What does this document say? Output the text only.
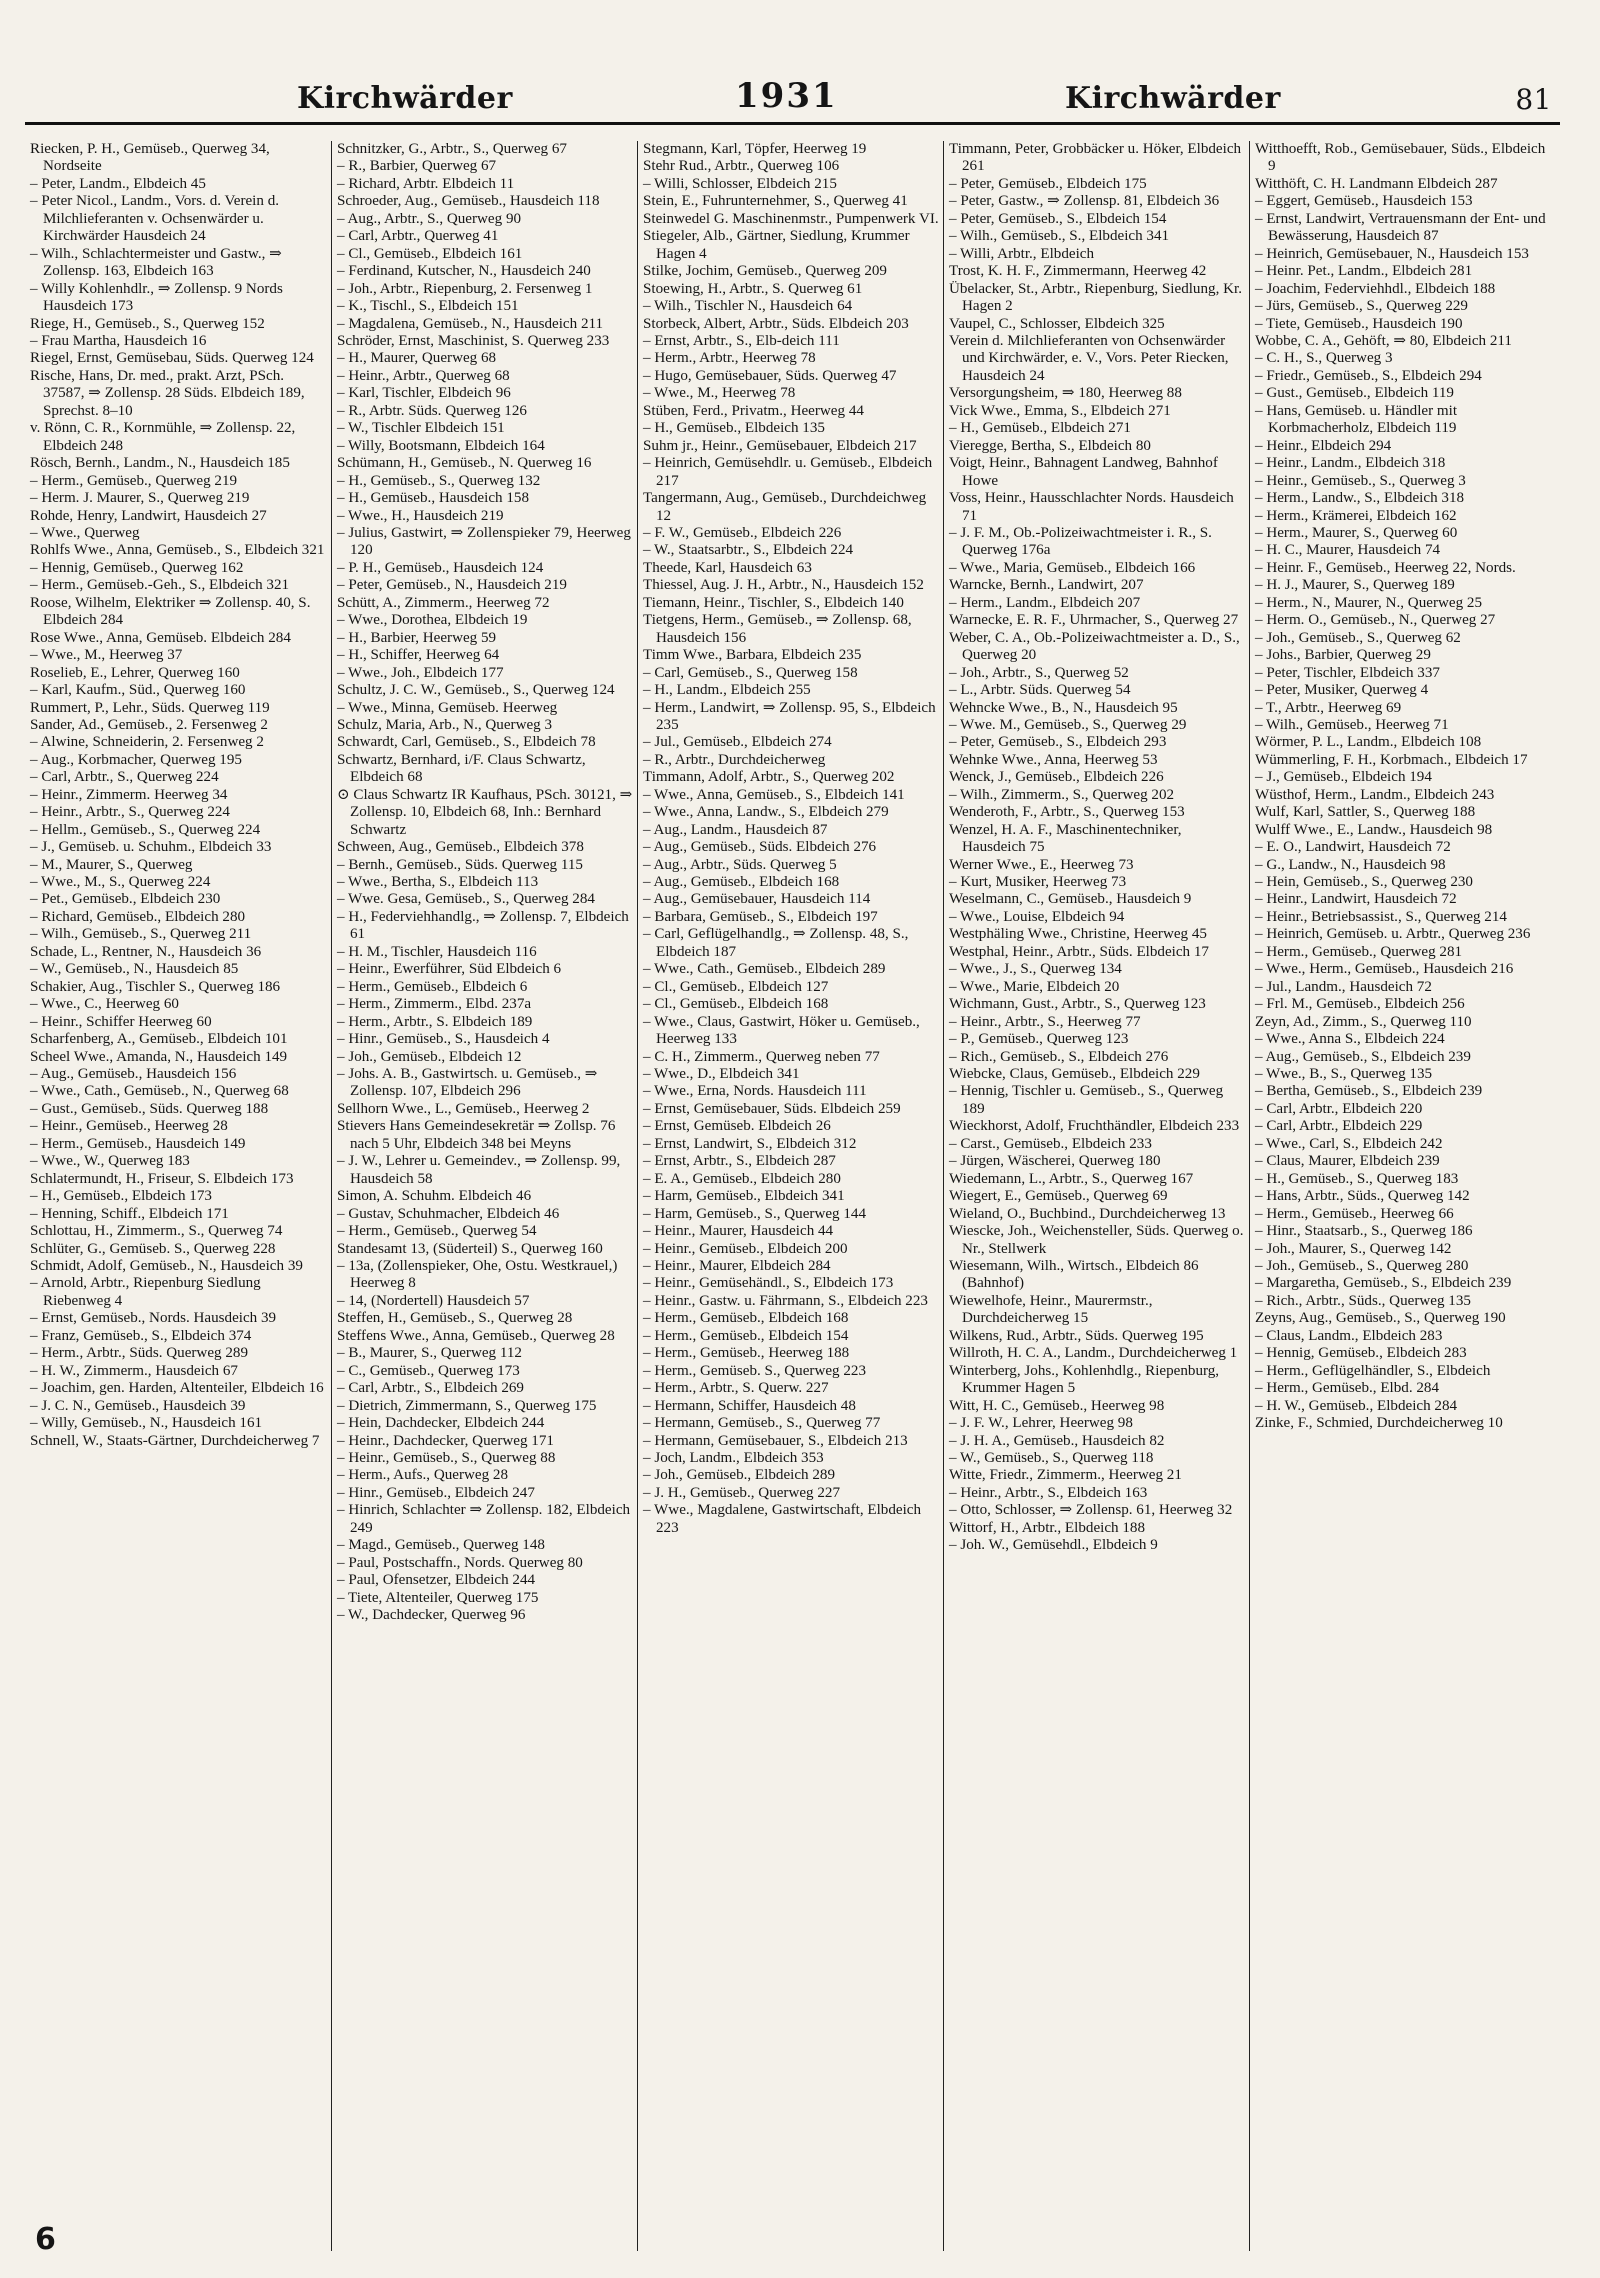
Kirchwärder	1931	Kirchwärder	81
Riecken, P. H., Gemüseb., Querweg 34, Nordseite
– Peter, Landm., Elbdeich 45
– Peter Nicol., Landm., Vors. d. Verein d. Milchlieferanten v. Ochsenwärder u. Kirchwärder Hausdeich 24
– Wilh., Schlachtermeister und Gastw., ⇒ Zollensp. 163, Elbdeich 163
– Willy Kohlenhdlr., ⇒ Zollensp. 9 Nords Hausdeich 173
Riege, H., Gemüseb., S., Querweg 152
– Frau Martha, Hausdeich 16
Riegel, Ernst, Gemüsebau, Süds. Querweg 124
Rische, Hans, Dr. med., prakt. Arzt, PSch. 37587, ⇒ Zollensp. 28 Süds. Elbdeich 189, Sprechst. 8–10
v. Rönn, C. R., Kornmühle, ⇒ Zollensp. 22, Elbdeich 248
Rösch, Bernh., Landm., N., Hausdeich 185
– Herm., Gemüseb., Querweg 219
– Herm. J. Maurer, S., Querweg 219
Rohde, Henry, Landwirt, Hausdeich 27
– Wwe., Querweg
Rohlfs Wwe., Anna, Gemüseb., S., Elbdeich 321
– Hennig, Gemüseb., Querweg 162
– Herm., Gemüseb.-Geh., S., Elbdeich 321
Roose, Wilhelm, Elektriker ⇒ Zollensp. 40, S. Elbdeich 284
Rose Wwe., Anna, Gemüseb. Elbdeich 284
– Wwe., M., Heerweg 37
Roselieb, E., Lehrer, Querweg 160
– Karl, Kaufm., Süd., Querweg 160
Rummert, P., Lehr., Süds. Querweg 119
Sander, Ad., Gemüseb., 2. Fersenweg 2
– Alwine, Schneiderin, 2. Fersenweg 2
– Aug., Korbmacher, Querweg 195
– Carl, Arbtr., S., Querweg 224
– Heinr., Zimmerm. Heerweg 34
– Heinr., Arbtr., S., Querweg 224
– Hellm., Gemüseb., S., Querweg 224
– J., Gemüseb. u. Schuhm., Elbdeich 33
– M., Maurer, S., Querweg
– Wwe., M., S., Querweg 224
– Pet., Gemüseb., Elbdeich 230
– Richard, Gemüseb., Elbdeich 280
– Wilh., Gemüseb., S., Querweg 211
Schade, L., Rentner, N., Hausdeich 36
– W., Gemüseb., N., Hausdeich 85
Schakier, Aug., Tischler S., Querweg 186
– Wwe., C., Heerweg 60
– Heinr., Schiffer Heerweg 60
Scharfenberg, A., Gemüseb., Elbdeich 101
Scheel Wwe., Amanda, N., Hausdeich 149
– Aug., Gemüseb., Hausdeich 156
– Wwe., Cath., Gemüseb., N., Querweg 68
– Gust., Gemüseb., Süds. Querweg 188
– Heinr., Gemüseb., Heerweg 28
– Herm., Gemüseb., Hausdeich 149
– Wwe., W., Querweg 183
Schlatermundt, H., Friseur, S. Elbdeich 173
– H., Gemüseb., Elbdeich 173
– Henning, Schiff., Elbdeich 171
Schlottau, H., Zimmerm., S., Querweg 74
Schlüter, G., Gemüseb. S., Querweg 228
Schmidt, Adolf, Gemüseb., N., Hausdeich 39
– Arnold, Arbtr., Riepenburg Siedlung Riebenweg 4
– Ernst, Gemüseb., Nords. Hausdeich 39
– Franz, Gemüseb., S., Elbdeich 374
– Herm., Arbtr., Süds. Querweg 289
– H. W., Zimmerm., Hausdeich 67
– Joachim, gen. Harden, Altenteiler, Elbdeich 16
– J. C. N., Gemüseb., Hausdeich 39
– Willy, Gemüseb., N., Hausdeich 161
Schnell, W., Staats-Gärtner, Durchdeicherweg 7
Schnitzker, G., Arbtr., S., Querweg 67
– R., Barbier, Querweg 67
– Richard, Arbtr. Elbdeich 11
Schroeder, Aug., Gemüseb., Hausdeich 118
– Aug., Arbtr., S., Querweg 90
– Carl, Arbtr., Querweg 41
– Cl., Gemüseb., Elbdeich 161
– Ferdinand, Kutscher, N., Hausdeich 240
– Joh., Arbtr., Riepenburg, 2. Fersenweg 1
– K., Tischl., S., Elbdeich 151
– Magdalena, Gemüseb., N., Hausdeich 211
Schröder, Ernst, Maschinist, S. Querweg 233
– H., Maurer, Querweg 68
– Heinr., Arbtr., Querweg 68
– Karl, Tischler, Elbdeich 96
– R., Arbtr. Süds. Querweg 126
– W., Tischler Elbdeich 151
– Willy, Bootsmann, Elbdeich 164
Schümann, H., Gemüseb., N. Querweg 16
– H., Gemüseb., S., Querweg 132
– H., Gemüseb., Hausdeich 158
– Wwe., H., Hausdeich 219
– Julius, Gastwirt, ⇒ Zollenspieker 79, Heerweg 120
– P. H., Gemüseb., Hausdeich 124
– Peter, Gemüseb., N., Hausdeich 219
Schütt, A., Zimmerm., Heerweg 72
– Wwe., Dorothea, Elbdeich 19
– H., Barbier, Heerweg 59
– H., Schiffer, Heerweg 64
– Wwe., Joh., Elbdeich 177
Schultz, J. C. W., Gemüseb., S., Querweg 124
– Wwe., Minna, Gemüseb. Heerweg
Schulz, Maria, Arb., N., Querweg 3
Schwardt, Carl, Gemüseb., S., Elbdeich 78
Schwartz, Bernhard, i/F. Claus Schwartz, Elbdeich 68
⊙ Claus Schwartz IR Kaufhaus, PSch. 30121, ⇒ Zollensp. 10, Elbdeich 68, Inh.: Bernhard Schwartz
Schween, Aug., Gemüseb., Elbdeich 378
– Bernh., Gemüseb., Süds. Querweg 115
– Wwe., Bertha, S., Elbdeich 113
– Wwe. Gesa, Gemüseb., S., Querweg 284
– H., Federviehhandlg., ⇒ Zollensp. 7, Elbdeich 61
– H. M., Tischler, Hausdeich 116
– Heinr., Ewerführer, Süd Elbdeich 6
– Herm., Gemüseb., Elbdeich 6
– Herm., Zimmerm., Elbd. 237a
– Herm., Arbtr., S. Elbdeich 189
– Hinr., Gemüseb., S., Hausdeich 4
– Joh., Gemüseb., Elbdeich 12
– Johs. A. B., Gastwirtsch. u. Gemüseb., ⇒ Zollensp. 107, Elbdeich 296
Sellhorn Wwe., L., Gemüseb., Heerweg 2
Stievers Hans Gemeindesekretär ⇒ Zollsp. 76 nach 5 Uhr, Elbdeich 348 bei Meyns
– J. W., Lehrer u. Gemeindev., ⇒ Zollensp. 99, Hausdeich 58
Simon, A. Schuhm. Elbdeich 46
– Gustav, Schuhmacher, Elbdeich 46
– Herm., Gemüseb., Querweg 54
Standesamt 13, (Süderteil) S., Querweg 160
– 13a, (Zollenspieker, Ohe, Ostu. Westkrauel,) Heerweg 8
– 14, (Nordertell) Hausdeich 57
Steffen, H., Gemüseb., S., Querweg 28
Steffens Wwe., Anna, Gemüseb., Querweg 28
– B., Maurer, S., Querweg 112
– C., Gemüseb., Querweg 173
– Carl, Arbtr., S., Elbdeich 269
– Dietrich, Zimmermann, S., Querweg 175
– Hein, Dachdecker, Elbdeich 244
– Heinr., Dachdecker, Querweg 171
– Heinr., Gemüseb., S., Querweg 88
– Herm., Aufs., Querweg 28
– Hinr., Gemüseb., Elbdeich 247
– Hinrich, Schlachter ⇒ Zollensp. 182, Elbdeich 249
– Magd., Gemüseb., Querweg 148
– Paul, Postschaffn., Nords. Querweg 80
– Paul, Ofensetzer, Elbdeich 244
– Tiete, Altenteiler, Querweg 175
– W., Dachdecker, Querweg 96
Stegmann, Karl, Töpfer, Heerweg 19
Stehr Rud., Arbtr., Querweg 106
– Willi, Schlosser, Elbdeich 215
Stein, E., Fuhrunternehmer, S., Querweg 41
Steinwedel G. Maschinenmstr., Pumpenwerk VI.
Stiegeler, Alb., Gärtner, Siedlung, Krummer Hagen 4
Stilke, Jochim, Gemüseb., Querweg 209
Stoewing, H., Arbtr., S. Querweg 61
– Wilh., Tischler N., Hausdeich 64
Storbeck, Albert, Arbtr., Süds. Elbdeich 203
– Ernst, Arbtr., S., Elb-deich 111
– Herm., Arbtr., Heerweg 78
– Hugo, Gemüsebauer, Süds. Querweg 47
– Wwe., M., Heerweg 78
Stüben, Ferd., Privatm., Heerweg 44
– H., Gemüseb., Elbdeich 135
Suhm jr., Heinr., Gemüsebauer, Elbdeich 217
– Heinrich, Gemüsehdlr. u. Gemüseb., Elbdeich 217
Tangermann, Aug., Gemüseb., Durchdeichweg 12
– F. W., Gemüseb., Elbdeich 226
– W., Staatsarbtr., S., Elbdeich 224
Theede, Karl, Hausdeich 63
Thiessel, Aug. J. H., Arbtr., N., Hausdeich 152
Tiemann, Heinr., Tischler, S., Elbdeich 140
Tietgens, Herm., Gemüseb., ⇒ Zollensp. 68, Hausdeich 156
Timm Wwe., Barbara, Elbdeich 235
– Carl, Gemüseb., S., Querweg 158
– H., Landm., Elbdeich 255
– Herm., Landwirt, ⇒ Zollensp. 95, S., Elbdeich 235
– Jul., Gemüseb., Elbdeich 274
– R., Arbtr., Durchdeicherweg
Timmann, Adolf, Arbtr., S., Querweg 202
– Wwe., Anna, Gemüseb., S., Elbdeich 141
– Wwe., Anna, Landw., S., Elbdeich 279
– Aug., Landm., Hausdeich 87
– Aug., Gemüseb., Süds. Elbdeich 276
– Aug., Arbtr., Süds. Querweg 5
– Aug., Gemüseb., Elbdeich 168
– Aug., Gemüsebauer, Hausdeich 114
– Barbara, Gemüseb., S., Elbdeich 197
– Carl, Geflügelhandlg., ⇒ Zollensp. 48, S., Elbdeich 187
– Wwe., Cath., Gemüseb., Elbdeich 289
– Cl., Gemüseb., Elbdeich 127
– Cl., Gemüseb., Elbdeich 168
– Wwe., Claus, Gastwirt, Höker u. Gemüseb., Heerweg 133
– C. H., Zimmerm., Querweg neben 77
– Wwe., D., Elbdeich 341
– Wwe., Erna, Nords. Hausdeich 111
– Ernst, Gemüsebauer, Süds. Elbdeich 259
– Ernst, Gemüseb. Elbdeich 26
– Ernst, Landwirt, S., Elbdeich 312
– Ernst, Arbtr., S., Elbdeich 287
– E. A., Gemüseb., Elbdeich 280
– Harm, Gemüseb., Elbdeich 341
– Harm, Gemüseb., S., Querweg 144
– Heinr., Maurer, Hausdeich 44
– Heinr., Gemüseb., Elbdeich 200
– Heinr., Maurer, Elbdeich 284
– Heinr., Gemüsehändl., S., Elbdeich 173
– Heinr., Gastw. u. Fährmann, S., Elbdeich 223
– Herm., Gemüseb., Elbdeich 168
– Herm., Gemüseb., Elbdeich 154
– Herm., Gemüseb., Heerweg 188
– Herm., Gemüseb. S., Querweg 223
– Herm., Arbtr., S. Querw. 227
– Hermann, Schiffer, Hausdeich 48
– Hermann, Gemüseb., S., Querweg 77
– Hermann, Gemüsebauer, S., Elbdeich 213
– Joch, Landm., Elbdeich 353
– Joh., Gemüseb., Elbdeich 289
– J. H., Gemüseb., Querweg 227
– Wwe., Magdalene, Gastwirtschaft, Elbdeich 223
Timmann, Peter, Grobbäcker u. Höker, Elbdeich 261
– Peter, Gemüseb., Elbdeich 175
– Peter, Gastw., ⇒ Zollensp. 81, Elbdeich 36
– Peter, Gemüseb., S., Elbdeich 154
– Wilh., Gemüseb., S., Elbdeich 341
– Willi, Arbtr., Elbdeich
Trost, K. H. F., Zimmermann, Heerweg 42
Übelacker, St., Arbtr., Riepenburg, Siedlung, Kr. Hagen 2
Vaupel, C., Schlosser, Elbdeich 325
Verein d. Milchlieferanten von Ochsenwärder und Kirchwärder, e. V., Vors. Peter Riecken, Hausdeich 24
Versorgungsheim, ⇒ 180, Heerweg 88
Vick Wwe., Emma, S., Elbdeich 271
– H., Gemüseb., Elbdeich 271
Vieregge, Bertha, S., Elbdeich 80
Voigt, Heinr., Bahnagent Landweg, Bahnhof Howe
Voss, Heinr., Hausschlachter Nords. Hausdeich 71
– J. F. M., Ob.-Polizeiwachtmeister i. R., S. Querweg 176a
– Wwe., Maria, Gemüseb., Elbdeich 166
Warncke, Bernh., Landwirt, 207
– Herm., Landm., Elbdeich 207
Warnecke, E. R. F., Uhrmacher, S., Querweg 27
Weber, C. A., Ob.-Polizeiwachtmeister a. D., S., Querweg 20
– Joh., Arbtr., S., Querweg 52
– L., Arbtr. Süds. Querweg 54
Wehncke Wwe., B., N., Hausdeich 95
– Wwe. M., Gemüseb., S., Querweg 29
– Peter, Gemüseb., S., Elbdeich 293
Wehnke Wwe., Anna, Heerweg 53
Wenck, J., Gemüseb., Elbdeich 226
– Wilh., Zimmerm., S., Querweg 202
Wenderoth, F., Arbtr., S., Querweg 153
Wenzel, H. A. F., Maschinentechniker, Hausdeich 75
Werner Wwe., E., Heerweg 73
– Kurt, Musiker, Heerweg 73
Weselmann, C., Gemüseb., Hausdeich 9
– Wwe., Louise, Elbdeich 94
Westphäling Wwe., Christine, Heerweg 45
Westphal, Heinr., Arbtr., Süds. Elbdeich 17
– Wwe., J., S., Querweg 134
– Wwe., Marie, Elbdeich 20
Wichmann, Gust., Arbtr., S., Querweg 123
– Heinr., Arbtr., S., Heerweg 77
– P., Gemüseb., Querweg 123
– Rich., Gemüseb., S., Elbdeich 276
Wiebcke, Claus, Gemüseb., Elbdeich 229
– Hennig, Tischler u. Gemüseb., S., Querweg 189
Wieckhorst, Adolf, Fruchthändler, Elbdeich 233
– Carst., Gemüseb., Elbdeich 233
– Jürgen, Wäscherei, Querweg 180
Wiedemann, L., Arbtr., S., Querweg 167
Wiegert, E., Gemüseb., Querweg 69
Wieland, O., Buchbind., Durchdeicherweg 13
Wiescke, Joh., Weichensteller, Süds. Querweg o. Nr., Stellwerk
Wiesemann, Wilh., Wirtsch., Elbdeich 86 (Bahnhof)
Wiewelhofe, Heinr., Maurermstr., Durchdeicherweg 15
Wilkens, Rud., Arbtr., Süds. Querweg 195
Willroth, H. C. A., Landm., Durchdeicherweg 1
Winterberg, Johs., Kohlenhdlg., Riepenburg, Krummer Hagen 5
Witt, H. C., Gemüseb., Heerweg 98
– J. F. W., Lehrer, Heerweg 98
– J. H. A., Gemüseb., Hausdeich 82
– W., Gemüseb., S., Querweg 118
Witte, Friedr., Zimmerm., Heerweg 21
– Heinr., Arbtr., S., Elbdeich 163
– Otto, Schlosser, ⇒ Zollensp. 61, Heerweg 32
Wittorf, H., Arbtr., Elbdeich 188
– Joh. W., Gemüsehdl., Elbdeich 9
Witthoefft, Rob., Gemüsebauer, Süds., Elbdeich 9
Witthöft, C. H. Landmann Elbdeich 287
– Eggert, Gemüseb., Hausdeich 153
– Ernst, Landwirt, Vertrauensmann der Ent- und Bewässerung, Hausdeich 87
– Heinrich, Gemüsebauer, N., Hausdeich 153
– Heinr. Pet., Landm., Elbdeich 281
– Joachim, Federviehhdl., Elbdeich 188
– Jürs, Gemüseb., S., Querweg 229
– Tiete, Gemüseb., Hausdeich 190
Wobbe, C. A., Gehöft, ⇒ 80, Elbdeich 211
– C. H., S., Querweg 3
– Friedr., Gemüseb., S., Elbdeich 294
– Gust., Gemüseb., Elbdeich 119
– Hans, Gemüseb. u. Händler mit Korbmacherholz, Elbdeich 119
– Heinr., Elbdeich 294
– Heinr., Landm., Elbdeich 318
– Heinr., Gemüseb., S., Querweg 3
– Herm., Landw., S., Elbdeich 318
– Herm., Krämerei, Elbdeich 162
– Herm., Maurer, S., Querweg 60
– H. C., Maurer, Hausdeich 74
– Heinr. F., Gemüseb., Heerweg 22, Nords.
– H. J., Maurer, S., Querweg 189
– Herm., N., Maurer, N., Querweg 25
– Herm. O., Gemüseb., N., Querweg 27
– Joh., Gemüseb., S., Querweg 62
– Johs., Barbier, Querweg 29
– Peter, Tischler, Elbdeich 337
– Peter, Musiker, Querweg 4
– T., Arbtr., Heerweg 69
– Wilh., Gemüseb., Heerweg 71
Wörmer, P. L., Landm., Elbdeich 108
Wümmerling, F. H., Korbmach., Elbdeich 17
– J., Gemüseb., Elbdeich 194
Wüsthof, Herm., Landm., Elbdeich 243
Wulf, Karl, Sattler, S., Querweg 188
Wulff Wwe., E., Landw., Hausdeich 98
– E. O., Landwirt, Hausdeich 72
– G., Landw., N., Hausdeich 98
– Hein, Gemüseb., S., Querweg 230
– Heinr., Landwirt, Hausdeich 72
– Heinr., Betriebsassist., S., Querweg 214
– Heinrich, Gemüseb. u. Arbtr., Querweg 236
– Herm., Gemüseb., Querweg 281
– Wwe., Herm., Gemüseb., Hausdeich 216
– Jul., Landm., Hausdeich 72
– Frl. M., Gemüseb., Elbdeich 256
Zeyn, Ad., Zimm., S., Querweg 110
– Wwe., Anna S., Elbdeich 224
– Aug., Gemüseb., S., Elbdeich 239
– Wwe., B., S., Querweg 135
– Bertha, Gemüseb., S., Elbdeich 239
– Carl, Arbtr., Elbdeich 220
– Carl, Arbtr., Elbdeich 229
– Wwe., Carl, S., Elbdeich 242
– Claus, Maurer, Elbdeich 239
– H., Gemüseb., S., Querweg 183
– Hans, Arbtr., Süds., Querweg 142
– Herm., Gemüseb., Heerweg 66
– Hinr., Staatsarb., S., Querweg 186
– Joh., Maurer, S., Querweg 142
– Joh., Gemüseb., S., Querweg 280
– Margaretha, Gemüseb., S., Elbdeich 239
– Rich., Arbtr., Süds., Querweg 135
Zeyns, Aug., Gemüseb., S., Querweg 190
– Claus, Landm., Elbdeich 283
– Hennig, Gemüseb., Elbdeich 283
– Herm., Geflügelhändler, S., Elbdeich
– Herm., Gemüseb., Elbd. 284
– H. W., Gemüseb., Elbdeich 284
Zinke, F., Schmied, Durchdeicherweg 10
6
